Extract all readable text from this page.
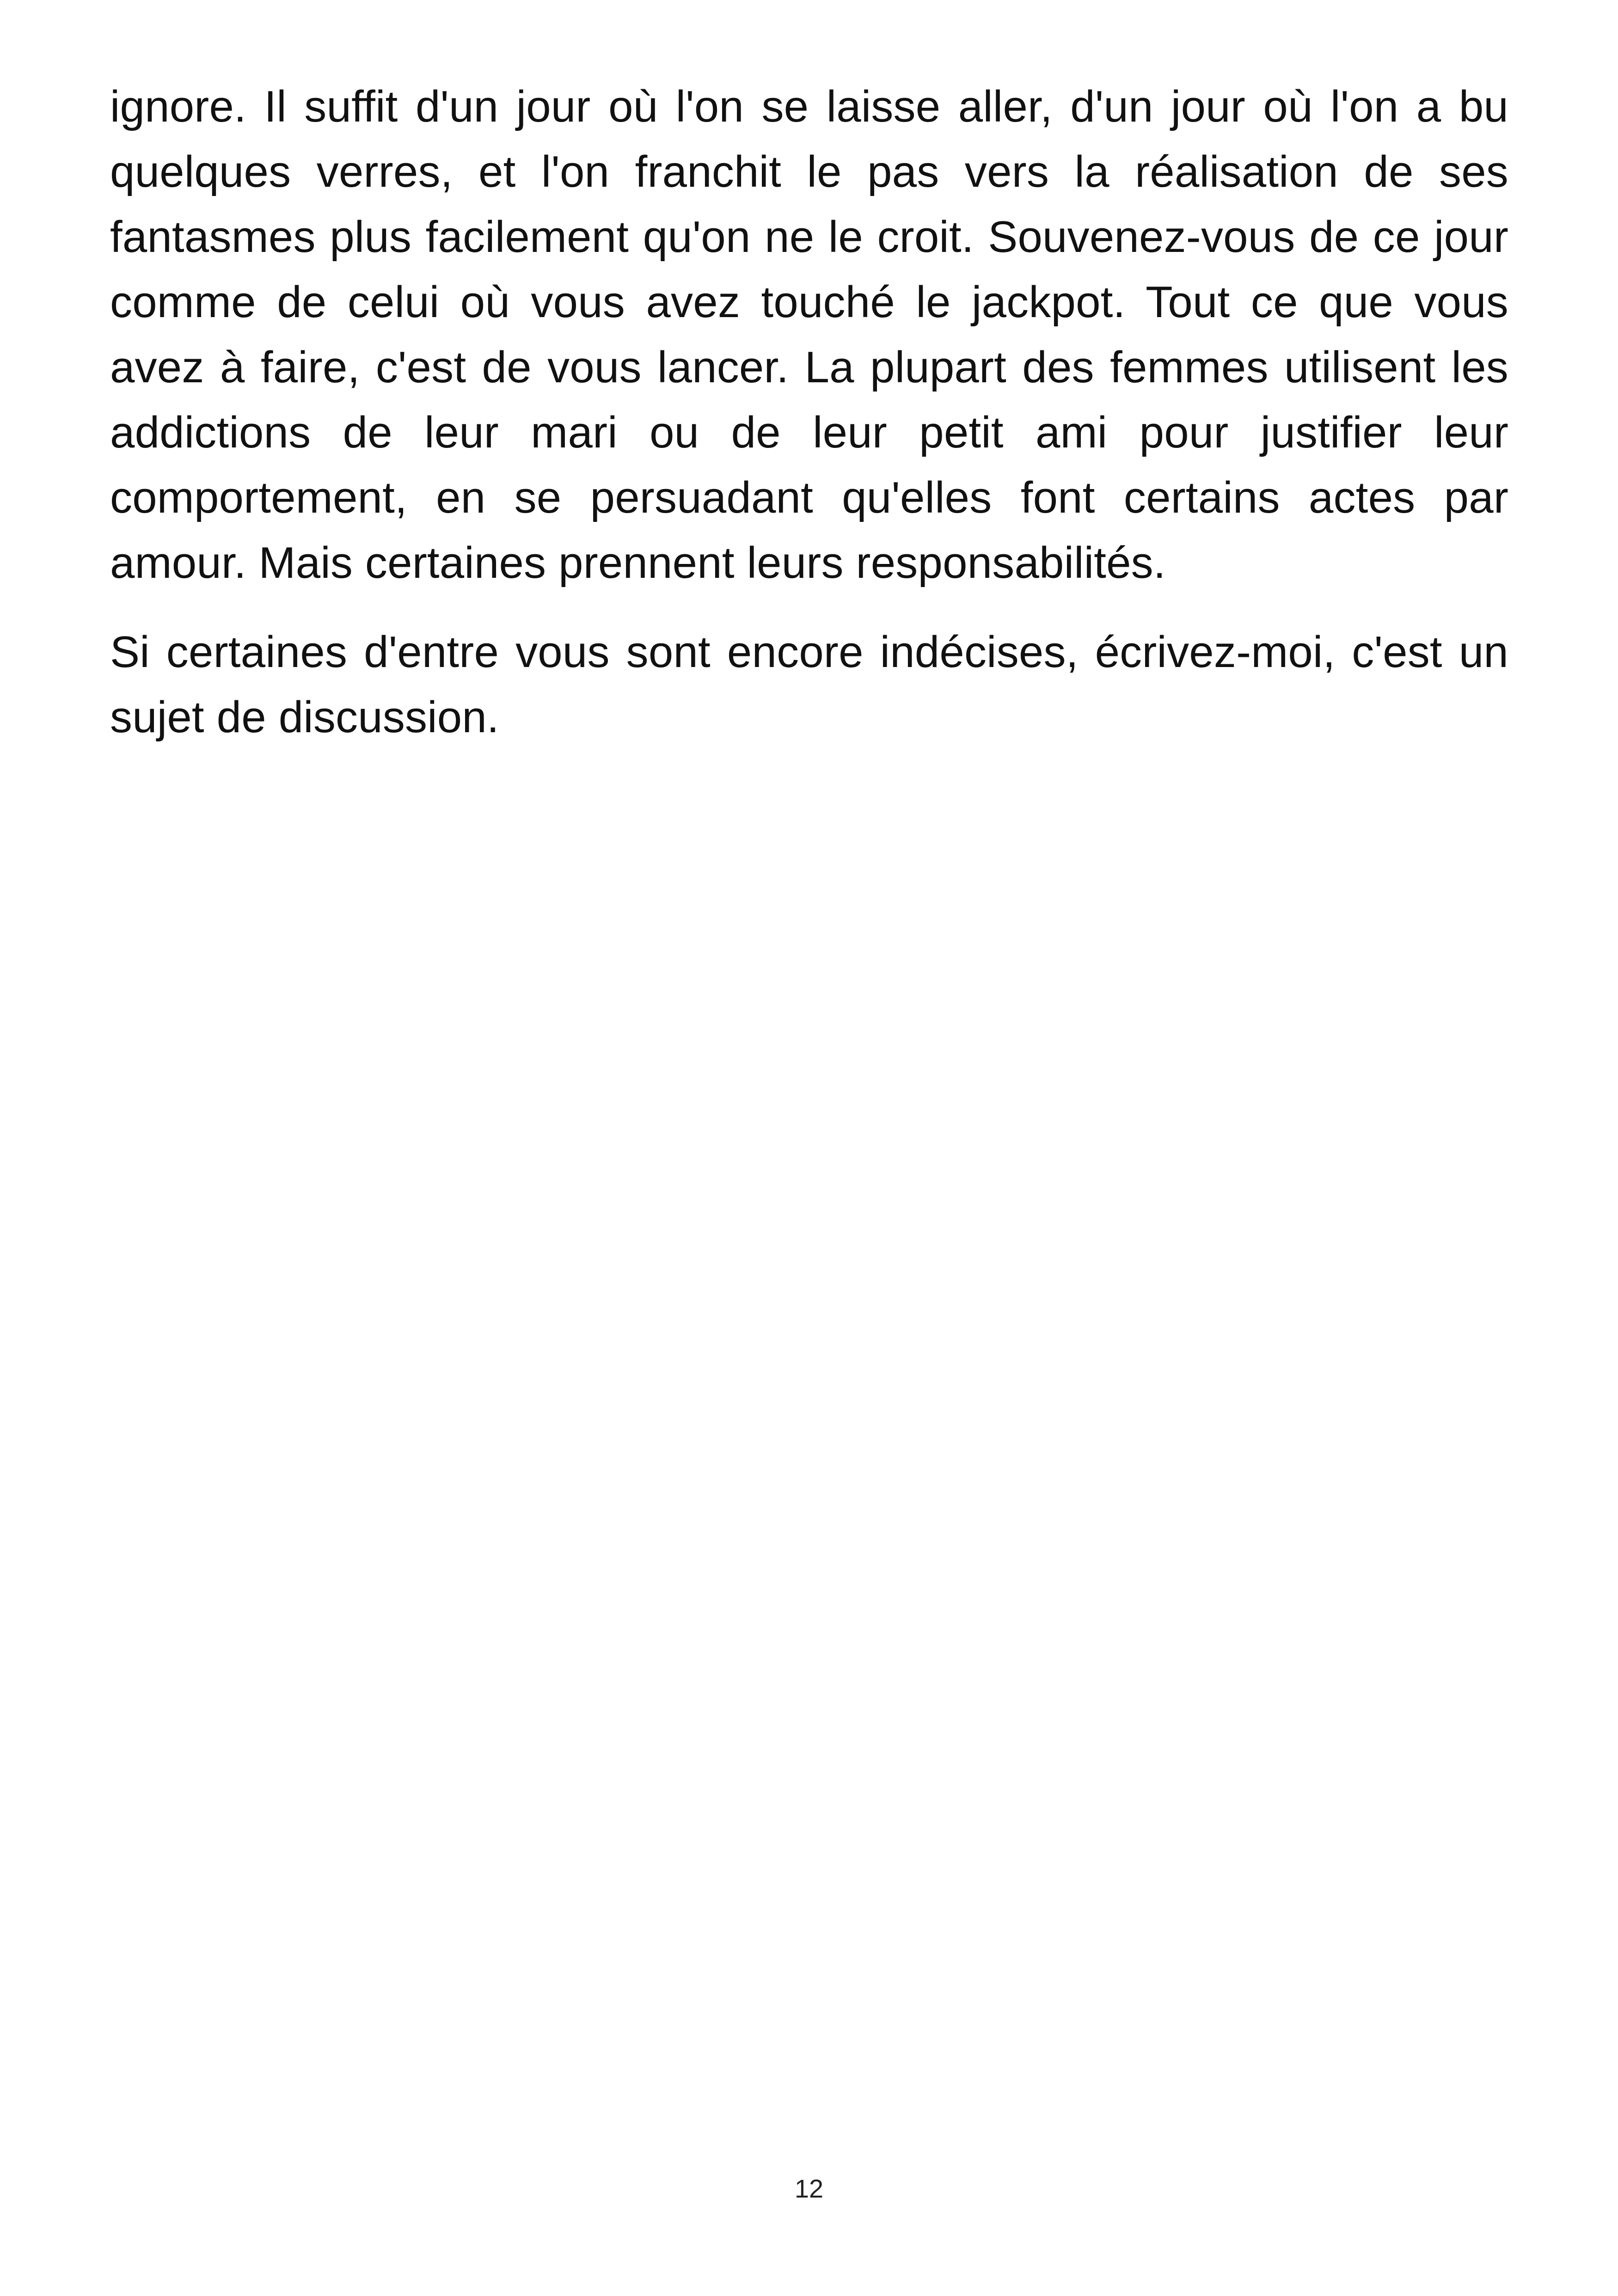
ignore. Il suffit d'un jour où l'on se laisse aller, d'un jour où l'on a bu quelques verres, et l'on franchit le pas vers la réalisation de ses fantasmes plus facilement qu'on ne le croit. Souvenez-vous de ce jour comme de celui où vous avez touché le jackpot. Tout ce que vous avez à faire, c'est de vous lancer. La plupart des femmes utilisent les addictions de leur mari ou de leur petit ami pour justifier leur comportement, en se persuadant qu'elles font certains actes par amour. Mais certaines prennent leurs responsabilités.

Si certaines d'entre vous sont encore indécises, écrivez-moi, c'est un sujet de discussion.

12
